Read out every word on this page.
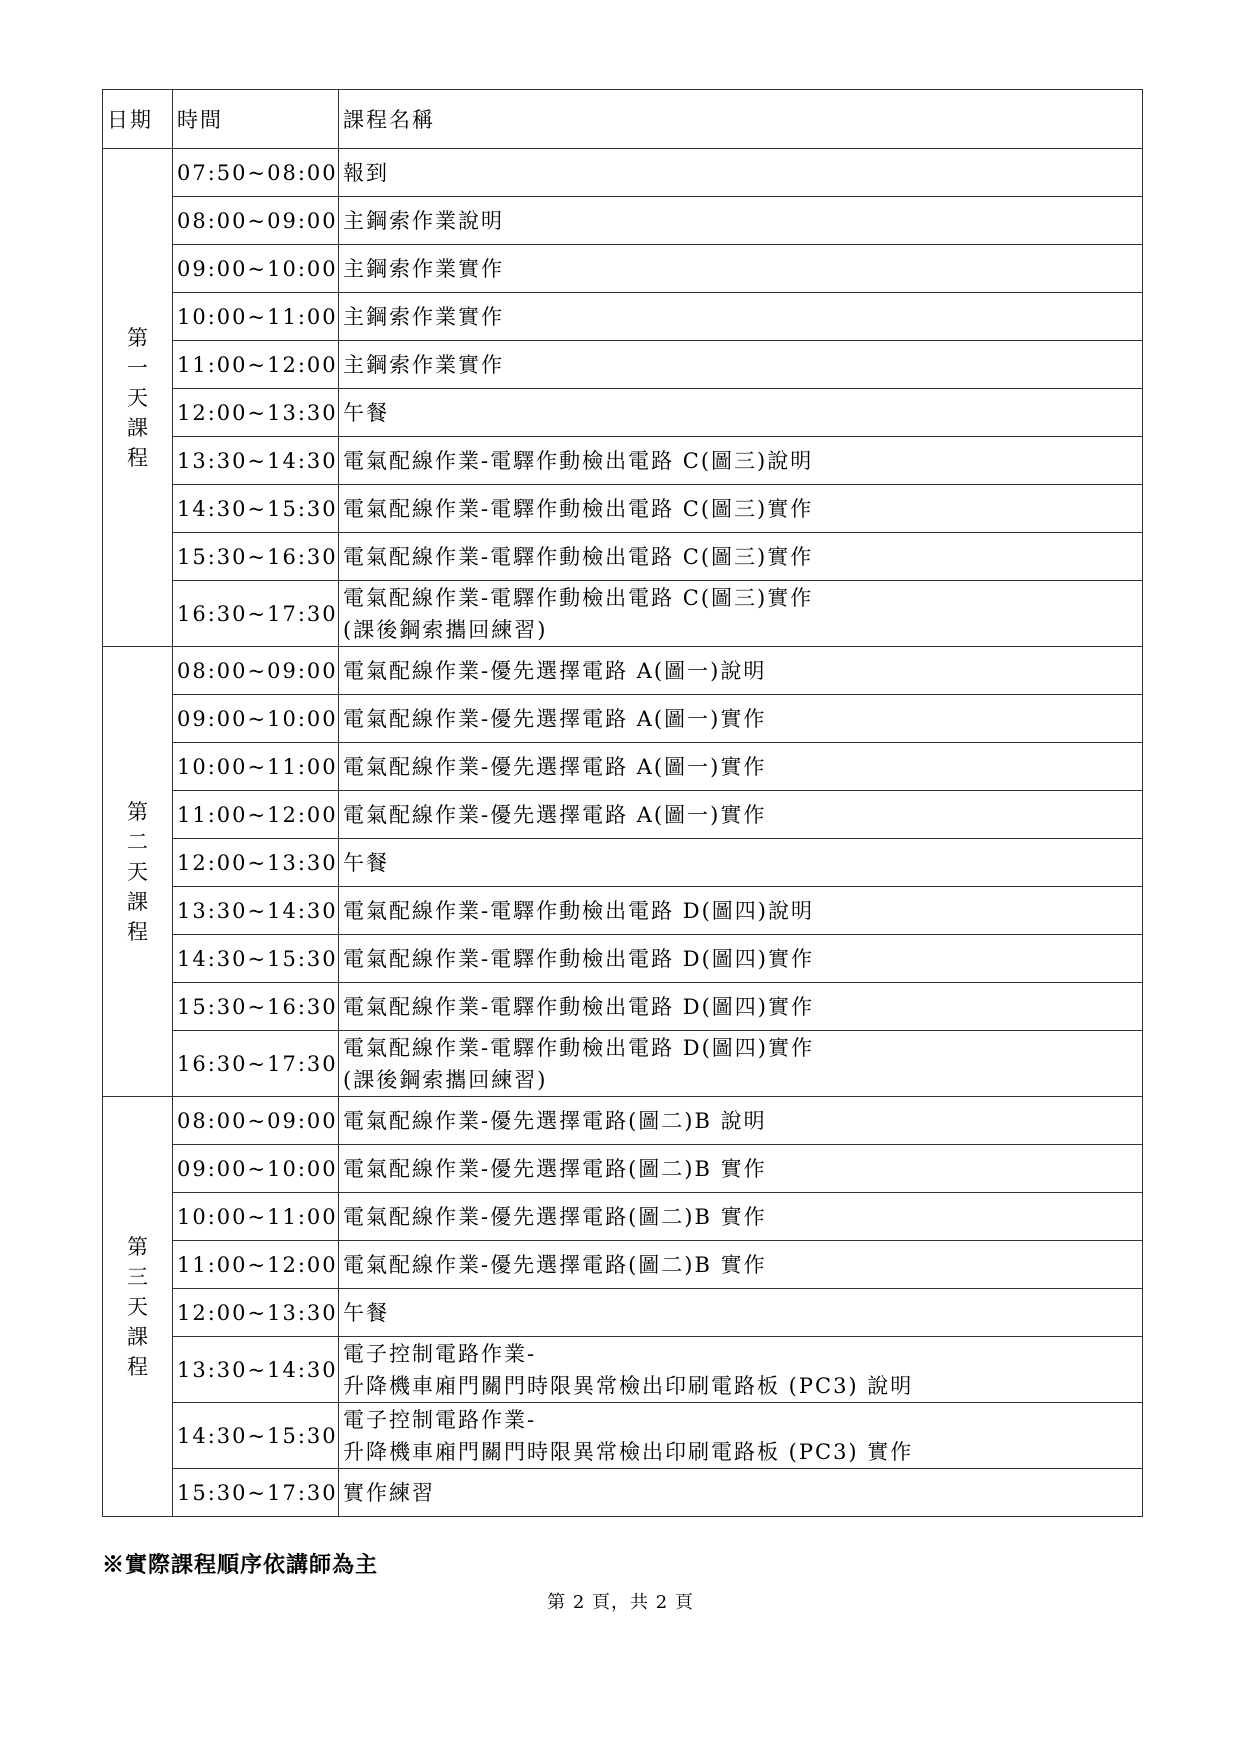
日期	時間	課程名稱
第一天課程	07:50~08:00	報到

	08:00~09:00	主鋼索作業說明

	09:00~10:00	主鋼索作業實作

	10:00~11:00	主鋼索作業實作

	11:00~12:00	主鋼索作業實作

	12:00~13:30	午餐

	13:30~14:30	電氣配線作業-電驛作動檢出電路 C(圖三)說明

	14:30~15:30	電氣配線作業-電驛作動檢出電路 C(圖三)實作

	15:30~16:30	電氣配線作業-電驛作動檢出電路 C(圖三)實作

	16:30~17:30	電氣配線作業-電驛作動檢出電路 C(圖三)實作
(課後鋼索攜回練習)

第二天課程	08:00~09:00	電氣配線作業-優先選擇電路 A(圖一)說明

	09:00~10:00	電氣配線作業-優先選擇電路 A(圖一)實作

	10:00~11:00	電氣配線作業-優先選擇電路 A(圖一)實作

	11:00~12:00	電氣配線作業-優先選擇電路 A(圖一)實作

	12:00~13:30	午餐

	13:30~14:30	電氣配線作業-電驛作動檢出電路 D(圖四)說明

	14:30~15:30	電氣配線作業-電驛作動檢出電路 D(圖四)實作

	15:30~16:30	電氣配線作業-電驛作動檢出電路 D(圖四)實作

	16:30~17:30	電氣配線作業-電驛作動檢出電路 D(圖四)實作
(課後鋼索攜回練習)

第三天課程	08:00~09:00	電氣配線作業-優先選擇電路(圖二)B 說明

	09:00~10:00	電氣配線作業-優先選擇電路(圖二)B 實作

	10:00~11:00	電氣配線作業-優先選擇電路(圖二)B 實作

	11:00~12:00	電氣配線作業-優先選擇電路(圖二)B 實作

	12:00~13:30	午餐

	13:30~14:30	電子控制電路作業-
升降機車廂門關門時限異常檢出印刷電路板 (PC3) 說明

	14:30~15:30	電子控制電路作業-
升降機車廂門關門時限異常檢出印刷電路板 (PC3) 實作

	15:30~17:30	實作練習

※實際課程順序依講師為主

第 2 頁，共 2 頁
